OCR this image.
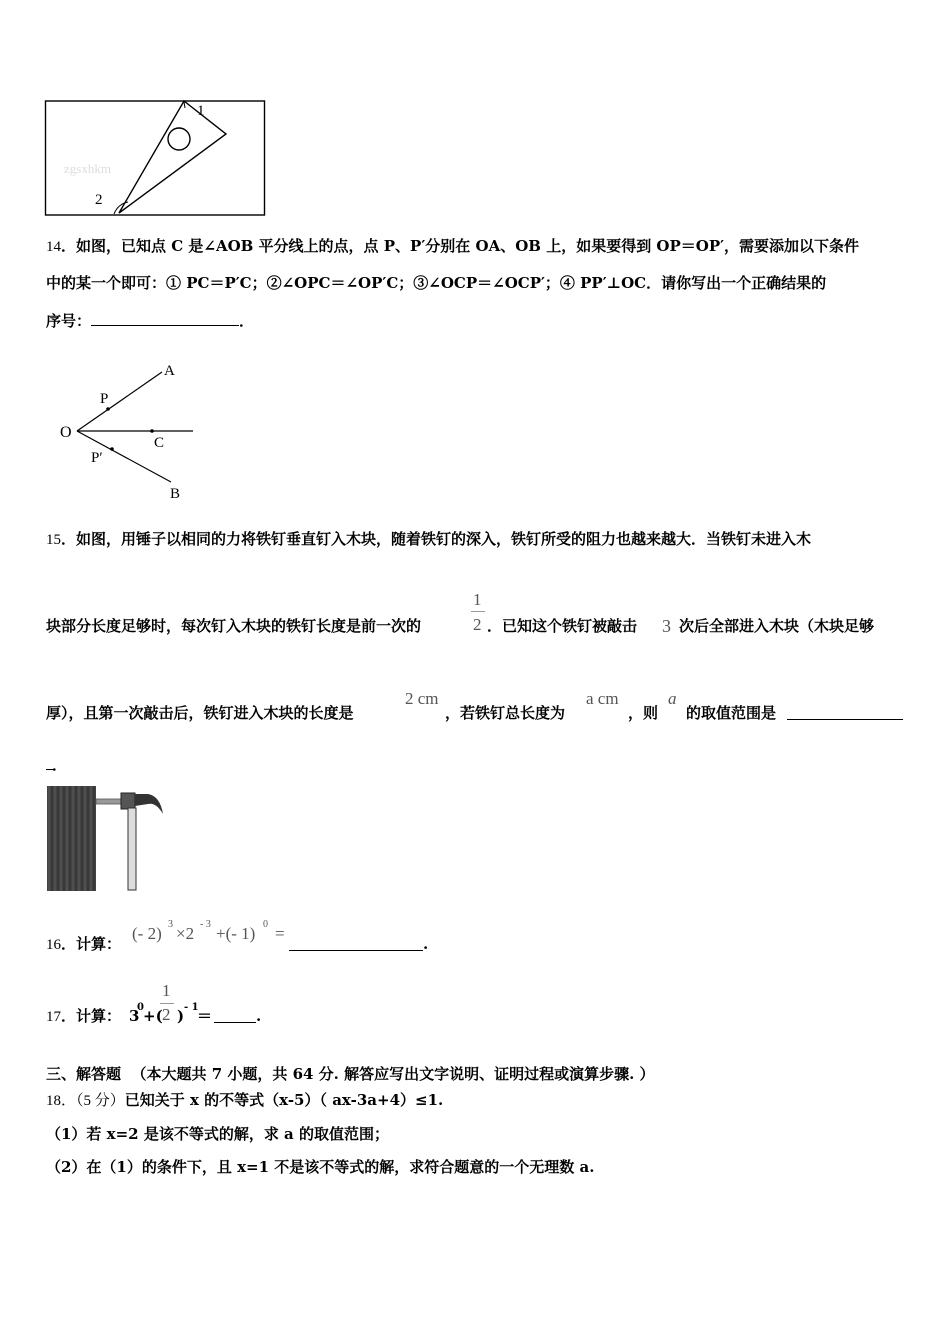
zgsxhkm
1
2
14．如图，已知点 C 是∠AOB 平分线上的点，点 P、P′分别在 OA、OB 上，如果要得到 OP＝OP′，需要添加以下条件
中的某一个即可：① PC＝P′C；②∠OPC＝∠OP′C；③∠OCP＝∠OCP′；④ PP′⊥OC．请你写出一个正确结果的
序号：	．
A
P
O
C
P′
B
15．如图，用锤子以相同的力将铁钉垂直钉入木块，随着铁钉的深入，铁钉所受的阻力也越来越大．当铁钉未进入木
块部分长度足够时，每次钉入木块的铁钉长度是前一次的
1
2 ．已知这个铁钉被敲击 3 次后全部进入木块（木块足够
厚），且第一次敲击后，铁钉进入木块的长度是
2 cm
，若铁钉总长度为
a cm
，则
a
的取值范围是
．
16．计算：
(- 2) 3 ×2 - 3 +(- 1) 0 =
.
17．计算： 3
0 +(
1
2 ) - 1
＝	.
三、解答题 （本大题共 7 小题，共 64 分. 解答应写出文字说明、证明过程或演算步骤. ）
18．（5 分）已知关于 x 的不等式（x-5）（ ax-3a+4）≤1.
（1）若 x=2 是该不等式的解，求 a 的取值范围；
（2）在（1）的条件下，且 x=1 不是该不等式的解，求符合题意的一个无理数 a.
